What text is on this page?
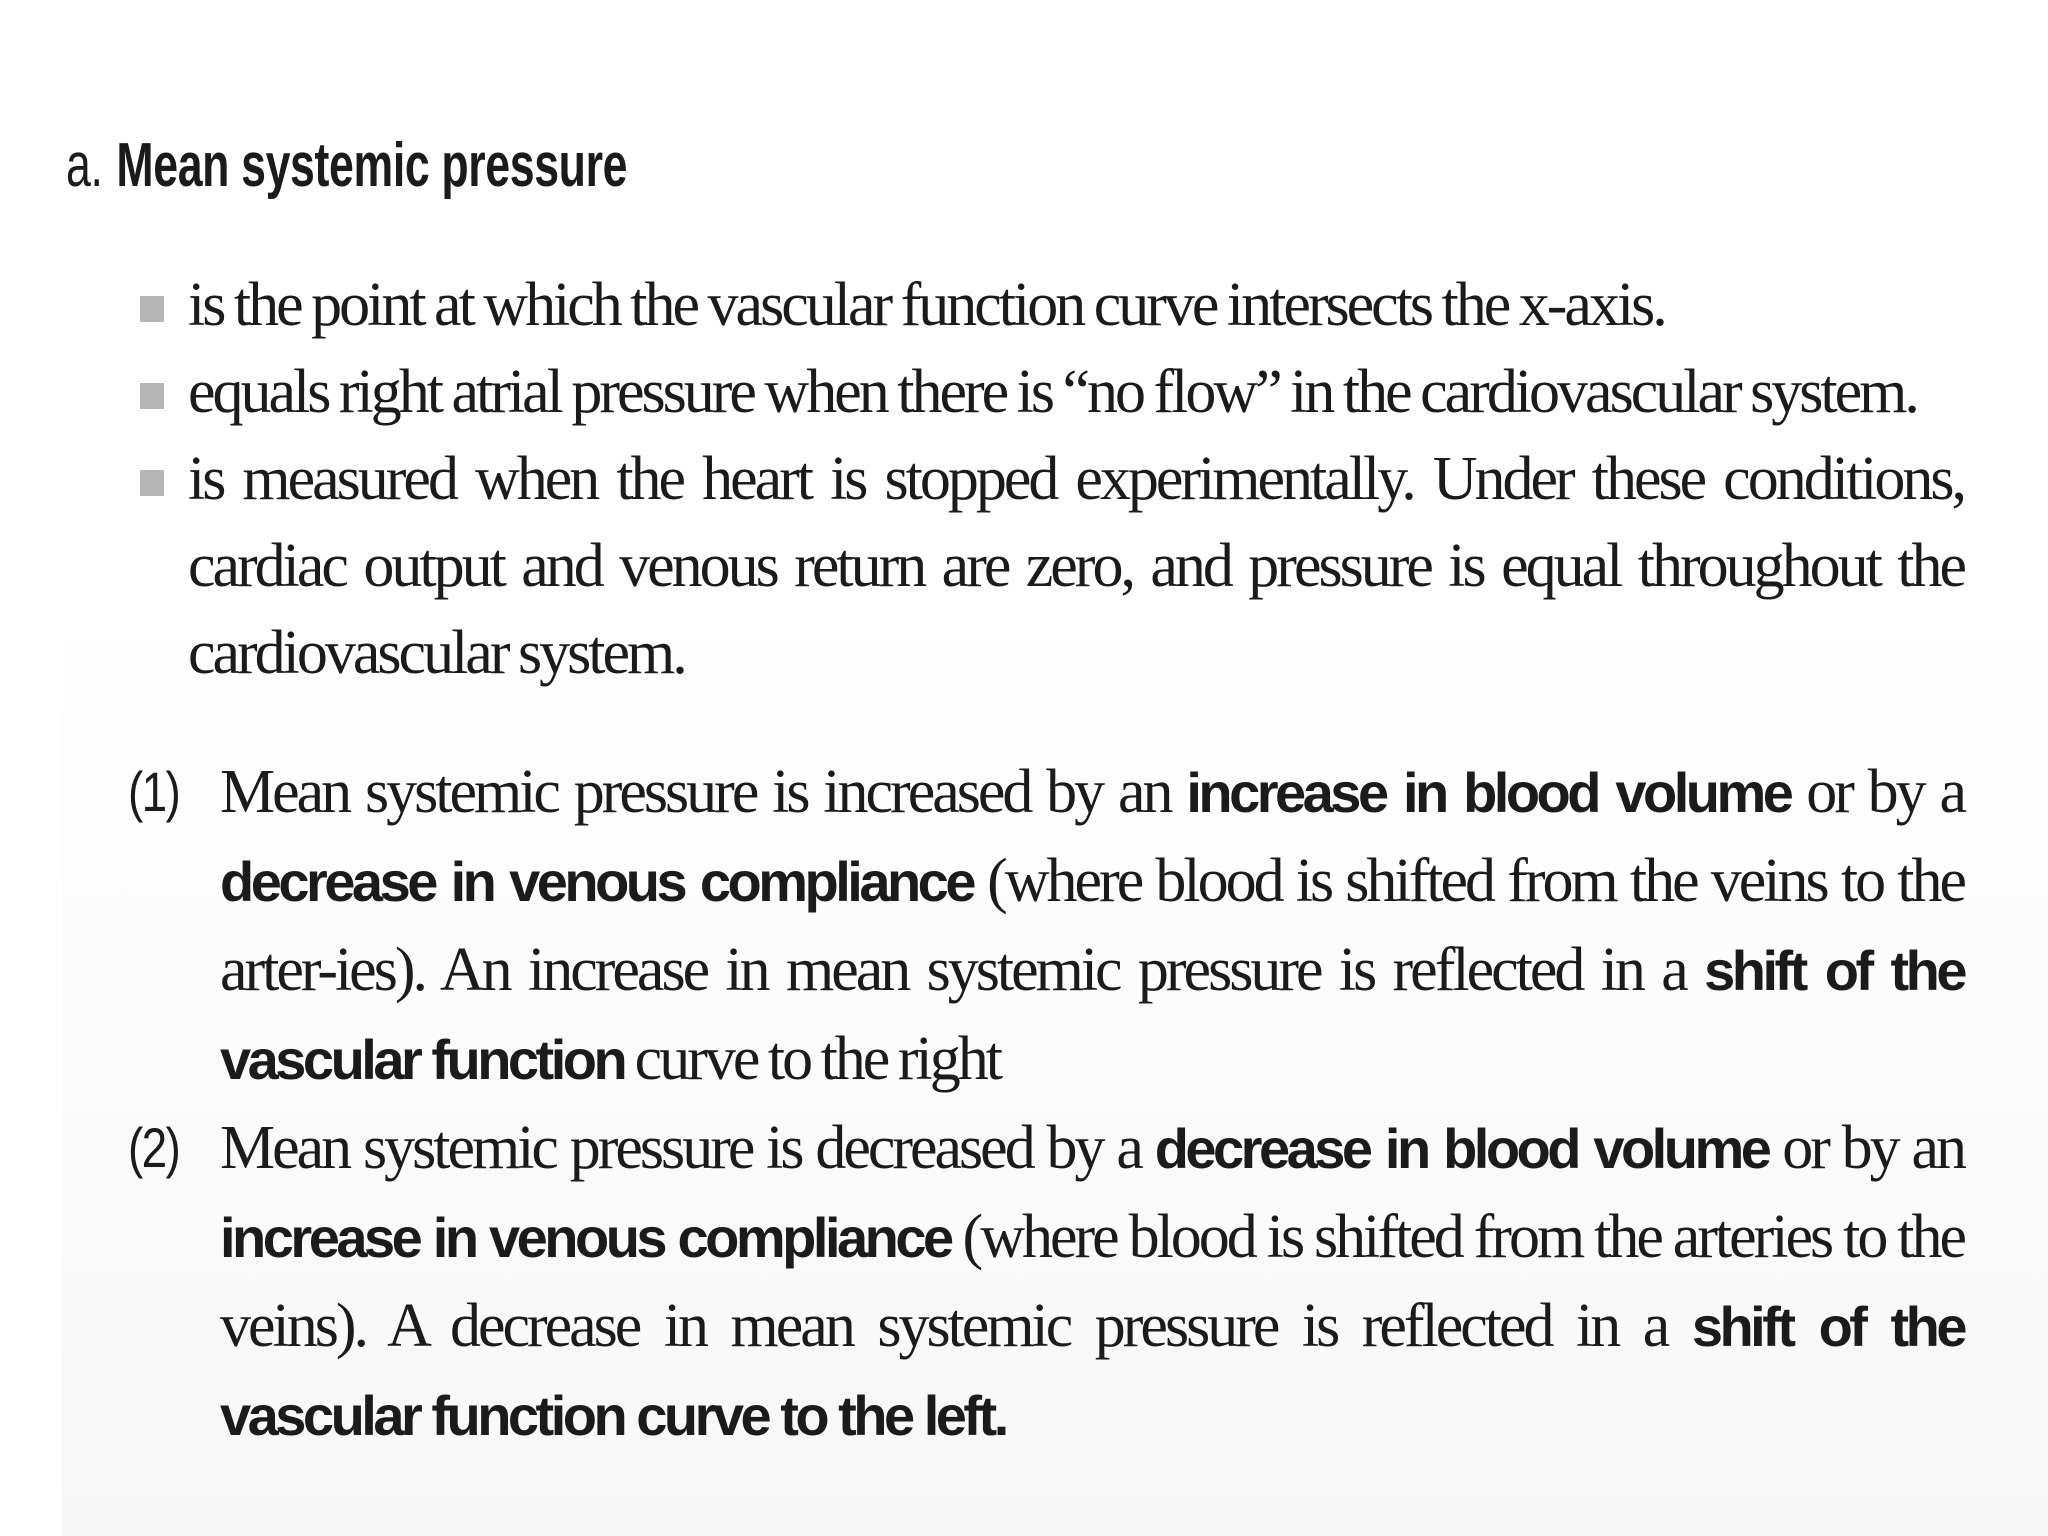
a. Mean systemic pressure
is the point at which the vascular function curve intersects the x-axis.
equals right atrial pressure when there is “no flow” in the cardiovascular system.
is measured when the heart is stopped experimentally. Under these conditions, cardiac output and venous return are zero, and pressure is equal throughout the cardiovascular system.
(1) Mean systemic pressure is increased by an increase in blood volume or by a decrease in venous compliance (where blood is shifted from the veins to the arter-ies). An increase in mean systemic pressure is reflected in a shift of the vascular function curve to the right
(2) Mean systemic pressure is decreased by a decrease in blood volume or by an increase in venous compliance (where blood is shifted from the arteries to the veins). A decrease in mean systemic pressure is reflected in a shift of the vascular function curve to the left.
